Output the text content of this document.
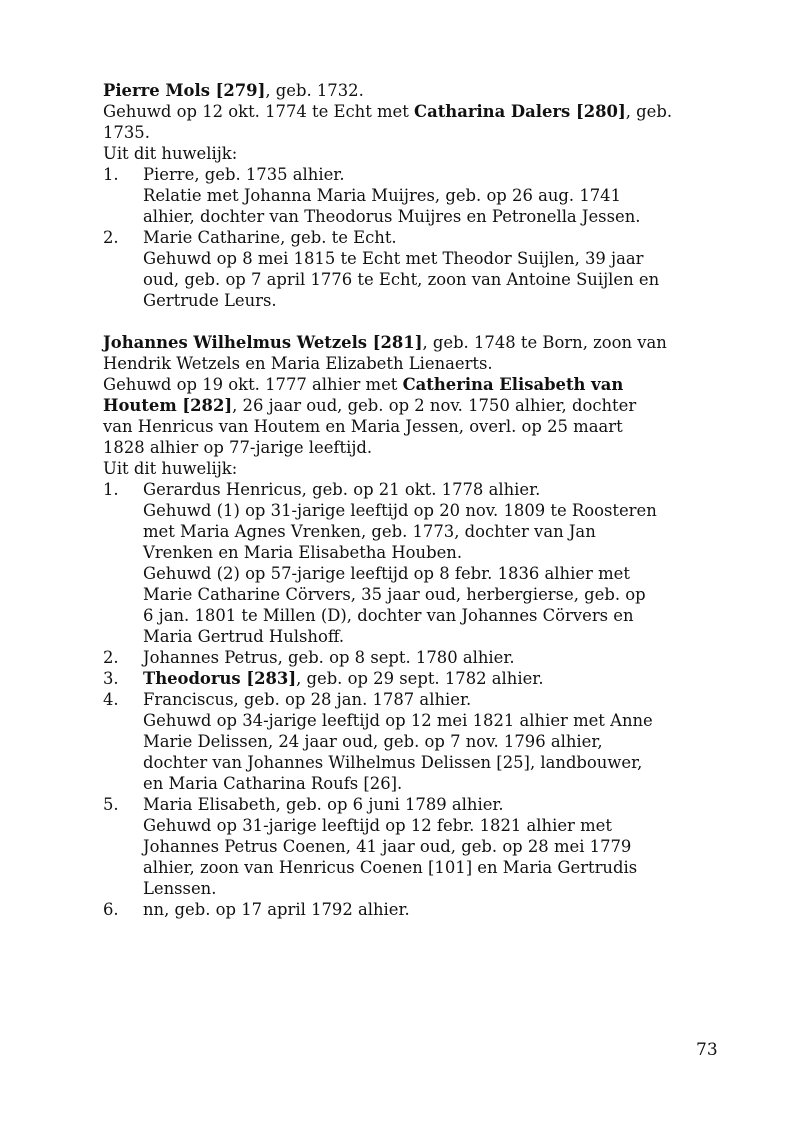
Pierre Mols [279], geb. 1732.
Gehuwd op 12 okt. 1774 te Echt met Catharina Dalers [280], geb.
1735.
Uit dit huwelijk:
1. Pierre, geb. 1735 alhier.
Relatie met Johanna Maria Muijres, geb. op 26 aug. 1741
alhier, dochter van Theodorus Muijres en Petronella Jessen.
2. Marie Catharine, geb. te Echt.
Gehuwd op 8 mei 1815 te Echt met Theodor Suijlen, 39 jaar
oud, geb. op 7 april 1776 te Echt, zoon van Antoine Suijlen en
Gertrude Leurs.
Johannes Wilhelmus Wetzels [281], geb. 1748 te Born, zoon van
Hendrik Wetzels en Maria Elizabeth Lienaerts.
Gehuwd op 19 okt. 1777 alhier met Catherina Elisabeth van
Houtem [282], 26 jaar oud, geb. op 2 nov. 1750 alhier, dochter
van Henricus van Houtem en Maria Jessen, overl. op 25 maart
1828 alhier op 77-jarige leeftijd.
Uit dit huwelijk:
1. Gerardus Henricus, geb. op 21 okt. 1778 alhier.
Gehuwd (1) op 31-jarige leeftijd op 20 nov. 1809 te Roosteren
met Maria Agnes Vrenken, geb. 1773, dochter van Jan
Vrenken en Maria Elisabetha Houben.
Gehuwd (2) op 57-jarige leeftijd op 8 febr. 1836 alhier met
Marie Catharine Cörvers, 35 jaar oud, herbergierse, geb. op
6 jan. 1801 te Millen (D), dochter van Johannes Cörvers en
Maria Gertrud Hulshoff.
2. Johannes Petrus, geb. op 8 sept. 1780 alhier.
3. Theodorus [283], geb. op 29 sept. 1782 alhier.
4. Franciscus, geb. op 28 jan. 1787 alhier.
Gehuwd op 34-jarige leeftijd op 12 mei 1821 alhier met Anne
Marie Delissen, 24 jaar oud, geb. op 7 nov. 1796 alhier,
dochter van Johannes Wilhelmus Delissen [25], landbouwer,
en Maria Catharina Roufs [26].
5. Maria Elisabeth, geb. op 6 juni 1789 alhier.
Gehuwd op 31-jarige leeftijd op 12 febr. 1821 alhier met
Johannes Petrus Coenen, 41 jaar oud, geb. op 28 mei 1779
alhier, zoon van Henricus Coenen [101] en Maria Gertrudis
Lenssen.
6. nn, geb. op 17 april 1792 alhier.
73
